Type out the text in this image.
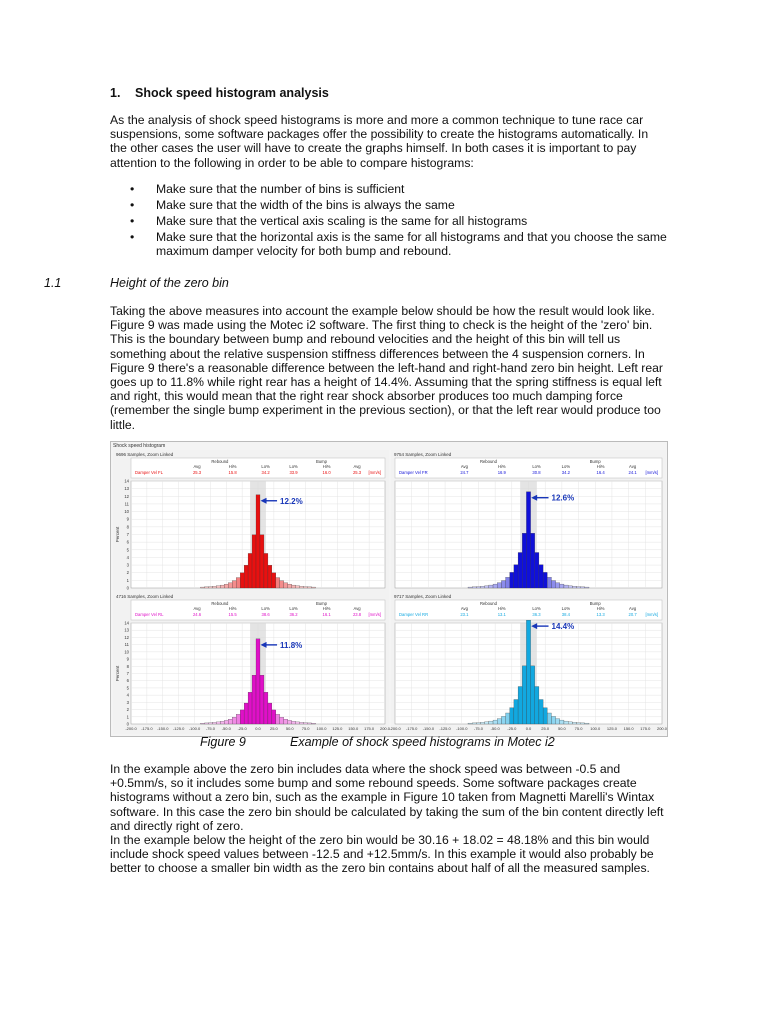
1. Shock speed histogram analysis
As the analysis of shock speed histograms is more and more a common technique to tune race car suspensions, some software packages offer the possibility to create the histograms automatically. In the other cases the user will have to create the graphs himself. In both cases it is important to pay attention to the following in order to be able to compare histograms:
• Make sure that the number of bins is sufficient
• Make sure that the width of the bins is always the same
• Make sure that the vertical axis scaling is the same for all histograms
• Make sure that the horizontal axis is the same for all histograms and that you choose the same maximum damper velocity for both bump and rebound.
1.1	Height of the zero bin
Taking the above measures into account the example below should be how the result would look like. Figure 9 was made using the Motec i2 software. The first thing to check is the height of the 'zero' bin. This is the boundary between bump and rebound velocities and the height of this bin will tell us something about the relative suspension stiffness differences between the 4 suspension corners. In Figure 9 there's a reasonable difference between the left-hand and right-hand zero bin height. Left rear goes up to 11.8% while right rear has a height of 14.4%. Assuming that the spring stiffness is equal left and right, this would mean that the right rear shock absorber produces too much damping force (remember the single bump experiment in the previous section), or that the left rear would produce too little.
Shock speed histogram
9696 Samples, Zoom Linked
Rebound	Bump
Avg	Hi%	Lo%	Lo%	Hi%	Avg
Damper Vel FL	25.3	15.8	34.2	33.9	16.0	25.3 [mm/s]
0
1
2
3
4
5
6
7
8
9
10
11
12
13
14
Percent
12.2%
9754 Samples, Zoom Linked
Rebound	Bump
Avg	Hi%	Lo%	Lo%	Hi%	Avg
Damper Vel FR	24.7	16.9	30.8	34.2	16.4	24.1 [mm/s]
12.6%
4716 Samples, Zoom Linked
Rebound	Bump
Avg	Hi%	Lo%	Lo%	Hi%	Avg
Damper Vel RL	24.6	15.5	38.6	36.2	16.1	23.8 [mm/s]
0
1
2
3
4
5
6
7
8
9
10
11
12
13
14
Percent
-200.0 -175.0 -150.0 -125.0 -100.0 -75.0 -50.0 -25.0 0.0 25.0 50.0 75.0 100.0 125.0 150.0 175.0 200.0
11.8%
9717 Samples, Zoom Linked
Rebound	Bump
Avg	Hi%	Lo%	Lo%	Hi%	Avg
Damper Vel RR	23.1	13.1	36.3	38.4	13.3	20.7 [mm/s]
-200.0 -175.0 -150.0 -125.0 -100.0 -75.0 -50.0 -25.0 0.0	25.0 50.0 75.0 100.0 125.0 150.0 175.0 200.0
14.4%
Figure 9	Example of shock speed histograms in Motec i2
In the example above the zero bin includes data where the shock speed was between -0.5 and +0.5mm/s, so it includes some bump and some rebound speeds. Some software packages create histograms without a zero bin, such as the example in Figure 10 taken from Magnetti Marelli's Wintax software. In this case the zero bin should be calculated by taking the sum of the bin content directly left and directly right of zero.
In the example below the height of the zero bin would be 30.16 + 18.02 = 48.18% and this bin would include shock speed values between -12.5 and +12.5mm/s. In this example it would also probably be better to choose a smaller bin width as the zero bin contains about half of all the measured samples.
